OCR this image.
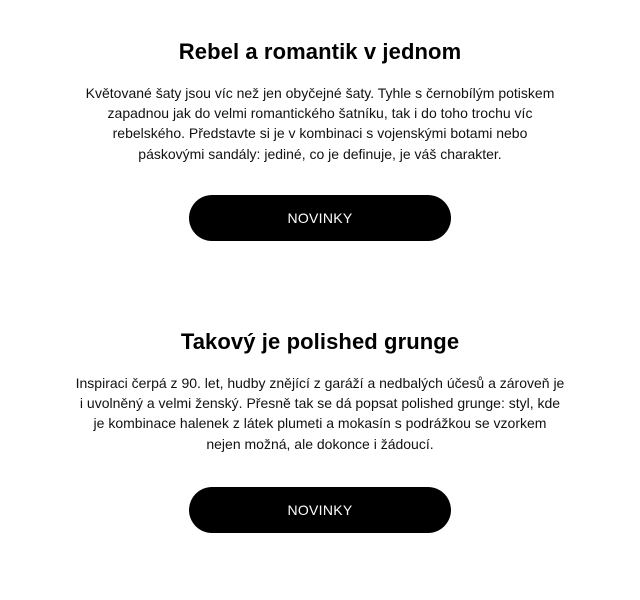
Rebel a romantik v jednom

Květované šaty jsou víc než jen obyčejné šaty. Tyhle s černobílým potiskem zapadnou jak do velmi romantického šatníku, tak i do toho trochu víc rebelského. Představte si je v kombinaci s vojenskými botami nebo páskovými sandály: jediné, co je definuje, je váš charakter.

NOVINKY
Takový je polished grunge

Inspiraci čerpá z 90. let, hudby znějící z garáží a nedbalých účesů a zároveň je i uvolněný a velmi ženský. Přesně tak se dá popsat polished grunge: styl, kde je kombinace halenek z látek plumeti a mokasín s podrážkou se vzorkem nejen možná, ale dokonce i žádoucí.

NOVINKY
